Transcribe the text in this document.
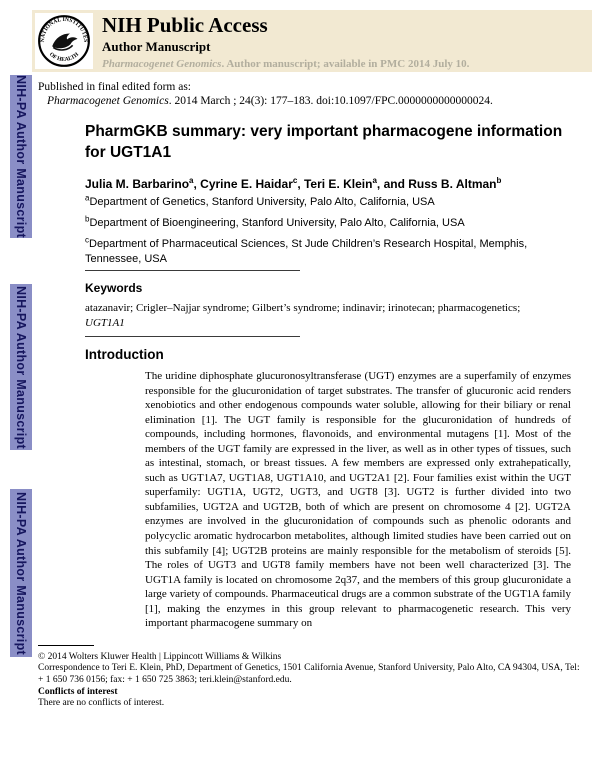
NIH-PA Author Manuscript
NIH-PA Author Manuscript
NIH-PA Author Manuscript
NATIONAL INSTITUTES
OF HEALTH
NIH Public Access
Author Manuscript
Pharmacogenet Genomics. Author manuscript; available in PMC 2014 July 10.
Published in final edited form as:
Pharmacogenet Genomics. 2014 March ; 24(3): 177–183. doi:10.1097/FPC.0000000000000024.
PharmGKB summary: very important pharmacogene information for UGT1A1

Julia M. Barbarino$^a$, Cyrine E. Haidar$^c$, Teri E. Klein$^a$, and Russ B. Altman$^b$

$^a$Department of Genetics, Stanford University, Palo Alto, California, USA

$^b$Department of Bioengineering, Stanford University, Palo Alto, California, USA

$^c$Department of Pharmaceutical Sciences, St Jude Children’s Research Hospital, Memphis, Tennessee, USA

Keywords

atazanavir; Crigler–Najjar syndrome; Gilbert’s syndrome; indinavir; irinotecan; pharmacogenetics; UGT1A1

Introduction

The uridine diphosphate glucuronosyltransferase (UGT) enzymes are a superfamily of enzymes responsible for the glucuronidation of target substrates. The transfer of glucuronic acid renders xenobiotics and other endogenous compounds water soluble, allowing for their biliary or renal elimination [1]. The UGT family is responsible for the glucuronidation of hundreds of compounds, including hormones, flavonoids, and environmental mutagens [1]. Most of the members of the UGT family are expressed in the liver, as well as in other types of tissues, such as intestinal, stomach, or breast tissues. A few members are expressed only extrahepatically, such as UGT1A7, UGT1A8, UGT1A10, and UGT2A1 [2]. Four families exist within the UGT superfamily: UGT1A, UGT2, UGT3, and UGT8 [3]. UGT2 is further divided into two subfamilies, UGT2A and UGT2B, both of which are present on chromosome 4 [2]. UGT2A enzymes are involved in the glucuronidation of compounds such as phenolic odorants and polycyclic aromatic hydrocarbon metabolites, although limited studies have been carried out on this subfamily [4]; UGT2B proteins are mainly responsible for the metabolism of steroids [5]. The roles of UGT3 and UGT8 family members have not been well characterized [3]. The UGT1A family is located on chromosome 2q37, and the members of this group glucuronidate a large variety of compounds. Pharmaceutical drugs are a common substrate of the UGT1A family [1], making the enzymes in this group relevant to pharmacogenetic research. This very important pharmacogene summary on

© 2014 Wolters Kluwer Health | Lippincott Williams & Wilkins

Correspondence to Teri E. Klein, PhD, Department of Genetics, 1501 California Avenue, Stanford University, Palo Alto, CA 94304, USA, Tel: + 1 650 736 0156; fax: + 1 650 725 3863; teri.klein@stanford.edu.

Conflicts of interest

There are no conflicts of interest.
